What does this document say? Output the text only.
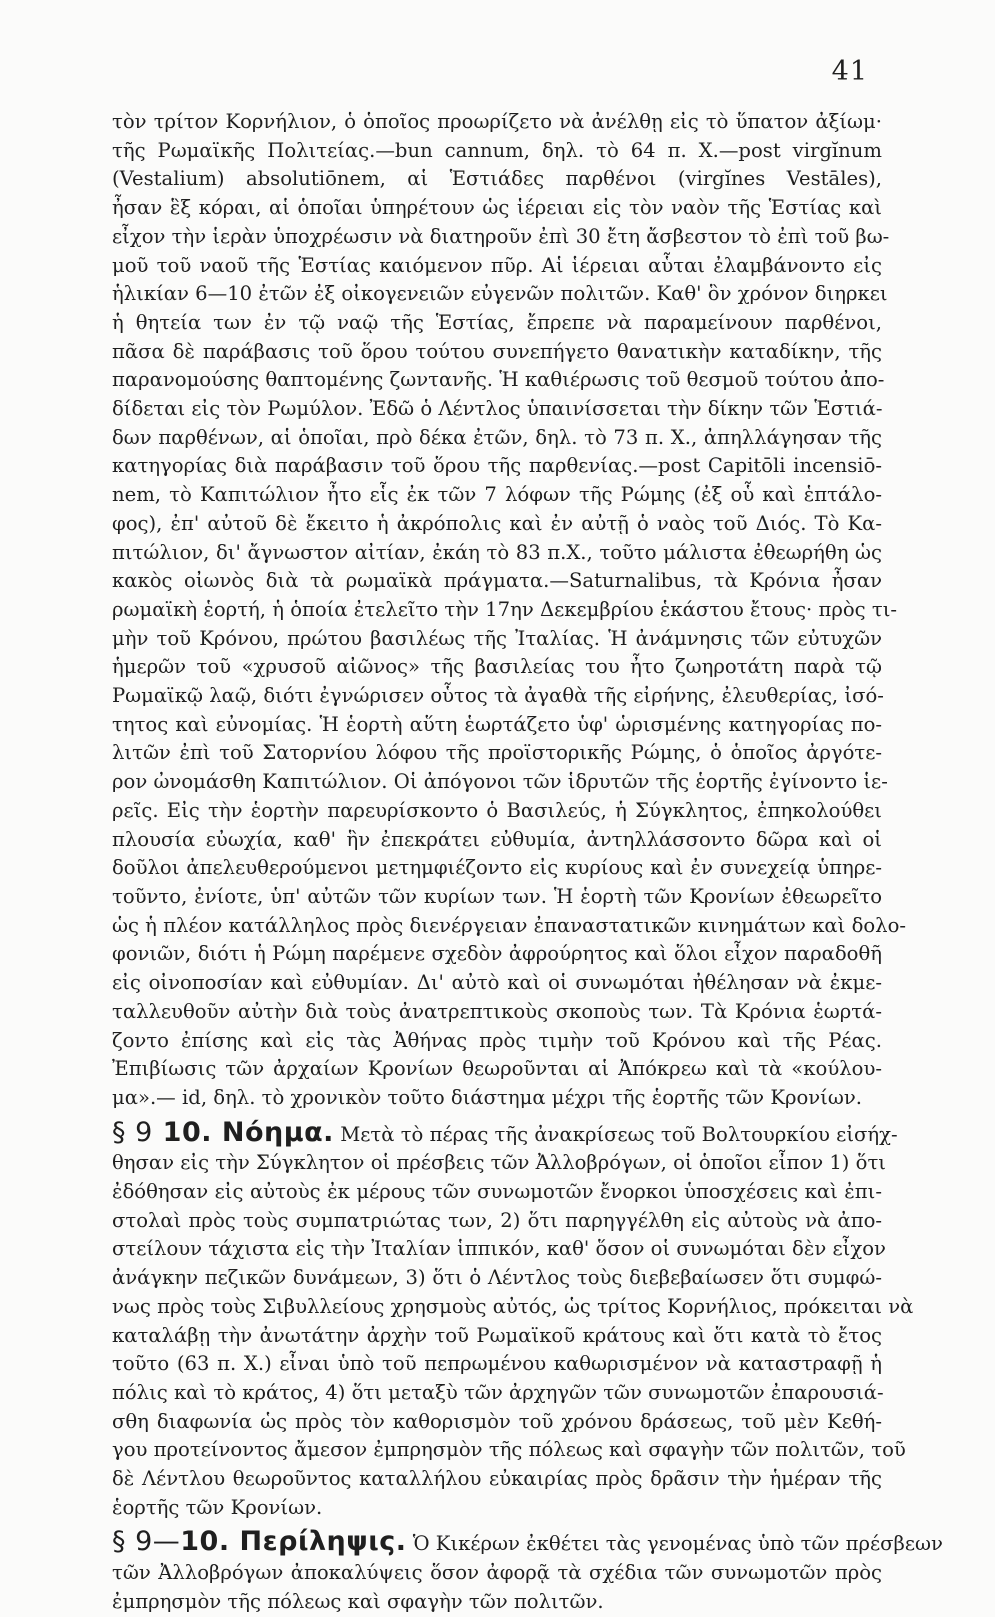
41
τὸν τρίτον Κορνήλιον, ὁ ὁποῖος προωρίζετο νὰ ἀνέλθῃ εἰς τὸ ὕπατον ἀξίωμ·
τῆς Ρωμαϊκῆς Πολιτείας.—bun cannum, δηλ. τὸ 64 π. Χ.—post virgĭnum
(Vestalium) absolutiōnem, αἱ Ἑστιάδες παρθένοι (virgĭnes Vestāles),
ἦσαν ἓξ κόραι, αἱ ὁποῖαι ὑπηρέτουν ὡς ἱέρειαι εἰς τὸν ναὸν τῆς Ἑστίας καὶ
εἶχον τὴν ἱερὰν ὑποχρέωσιν νὰ διατηροῦν ἐπὶ 30 ἔτη ἄσβεστον τὸ ἐπὶ τοῦ βω-
μοῦ τοῦ ναοῦ τῆς Ἑστίας καιόμενον πῦρ. Αἱ ἱέρειαι αὗται ἐλαμβάνοντο εἰς
ἡλικίαν 6—10 ἐτῶν ἐξ οἰκογενειῶν εὐγενῶν πολιτῶν. Καθ' ὃν χρόνον διηρκει
ἡ θητεία των ἐν τῷ ναῷ τῆς Ἑστίας, ἔπρεπε νὰ παραμείνουν παρθένοι,
πᾶσα δὲ παράβασις τοῦ ὅρου τούτου συνεπήγετο θανατικὴν καταδίκην, τῆς
παρανομούσης θαπτομένης ζωντανῆς. Ἡ καθιέρωσις τοῦ θεσμοῦ τούτου ἀπο-
δίδεται εἰς τὸν Ρωμύλον. Ἐδῶ ὁ Λέντλος ὑπαινίσσεται τὴν δίκην τῶν Ἑστιά-
δων παρθένων, αἱ ὁποῖαι, πρὸ δέκα ἐτῶν, δηλ. τὸ 73 π. Χ., ἀπηλλάγησαν τῆς
κατηγορίας διὰ παράβασιν τοῦ ὅρου τῆς παρθενίας.—post Capitōli incensiō-
nem, τὸ Καπιτώλιον ἦτο εἷς ἐκ τῶν 7 λόφων τῆς Ρώμης (ἐξ οὗ καὶ ἑπτάλο-
φος), ἐπ' αὐτοῦ δὲ ἔκειτο ἡ ἀκρόπολις καὶ ἐν αὐτῇ ὁ ναὸς τοῦ Διός. Τὸ Κα-
πιτώλιον, δι' ἄγνωστον αἰτίαν, ἐκάη τὸ 83 π.Χ., τοῦτο μάλιστα ἐθεωρήθη ὡς
κακὸς οἰωνὸς διὰ τὰ ρωμαϊκὰ πράγματα.—Saturnalibus, τὰ Κρόνια ἦσαν
ρωμαϊκὴ ἑορτή, ἡ ὁποία ἐτελεῖτο τὴν 17ην Δεκεμβρίου ἑκάστου ἔτους· πρὸς τι-
μὴν τοῦ Κρόνου, πρώτου βασιλέως τῆς Ἰταλίας. Ἡ ἀνάμνησις τῶν εὐτυχῶν
ἡμερῶν τοῦ «χρυσοῦ αἰῶνος» τῆς βασιλείας του ἦτο ζωηροτάτη παρὰ τῷ
Ρωμαϊκῷ λαῷ, διότι ἐγνώρισεν οὗτος τὰ ἀγαθὰ τῆς εἰρήνης, ἐλευθερίας, ἰσό-
τητος καὶ εὐνομίας. Ἡ ἑορτὴ αὕτη ἑωρτάζετο ὑφ' ὡρισμένης κατηγορίας πο-
λιτῶν ἐπὶ τοῦ Σατορνίου λόφου τῆς προϊστορικῆς Ρώμης, ὁ ὁποῖος ἀργότε-
ρον ὠνομάσθη Καπιτώλιον. Οἱ ἀπόγονοι τῶν ἱδρυτῶν τῆς ἑορτῆς ἐγίνοντο ἱε-
ρεῖς. Εἰς τὴν ἑορτὴν παρευρίσκοντο ὁ Βασιλεύς, ἡ Σύγκλητος, ἐπηκολούθει
πλουσία εὐωχία, καθ' ἣν ἐπεκράτει εὐθυμία, ἀντηλλάσσοντο δῶρα καὶ οἱ
δοῦλοι ἀπελευθερούμενοι μετημφιέζοντο εἰς κυρίους καὶ ἐν συνεχείᾳ ὑπηρε-
τοῦντο, ἐνίοτε, ὑπ' αὐτῶν τῶν κυρίων των. Ἡ ἑορτὴ τῶν Κρονίων ἐθεωρεῖτο
ὡς ἡ πλέον κατάλληλος πρὸς διενέργειαν ἐπαναστατικῶν κινημάτων καὶ δολο-
φονιῶν, διότι ἡ Ρώμη παρέμενε σχεδὸν ἀφρούρητος καὶ ὅλοι εἶχον παραδοθῆ
εἰς οἰνοποσίαν καὶ εὐθυμίαν. Δι' αὐτὸ καὶ οἱ συνωμόται ἠθέλησαν νὰ ἐκμε-
ταλλευθοῦν αὐτὴν διὰ τοὺς ἀνατρεπτικοὺς σκοποὺς των. Τὰ Κρόνια ἑωρτά-
ζοντο ἐπίσης καὶ εἰς τὰς Ἀθήνας πρὸς τιμὴν τοῦ Κρόνου καὶ τῆς Ρέας.
Ἐπιβίωσις τῶν ἀρχαίων Κρονίων θεωροῦνται αἱ Ἀπόκρεω καὶ τὰ «κούλου-
μα».— id, δηλ. τὸ χρονικὸν τοῦτο διάστημα μέχρι τῆς ἑορτῆς τῶν Κρονίων.
§ 9 10. Νόημα. Μετὰ τὸ πέρας τῆς ἀνακρίσεως τοῦ Βολτουρκίου εἰσήχ-
θησαν εἰς τὴν Σύγκλητον οἱ πρέσβεις τῶν Ἀλλοβρόγων, οἱ ὁποῖοι εἶπον 1) ὅτι
ἐδόθησαν εἰς αὐτοὺς ἐκ μέρους τῶν συνωμοτῶν ἔνορκοι ὑποσχέσεις καὶ ἐπι-
στολαὶ πρὸς τοὺς συμπατριώτας των, 2) ὅτι παρηγγέλθη εἰς αὐτοὺς νὰ ἀπο-
στείλουν τάχιστα εἰς τὴν Ἰταλίαν ἱππικόν, καθ' ὅσον οἱ συνωμόται δὲν εἶχον
ἀνάγκην πεζικῶν δυνάμεων, 3) ὅτι ὁ Λέντλος τοὺς διεβεβαίωσεν ὅτι συμφώ-
νως πρὸς τοὺς Σιβυλλείους χρησμοὺς αὐτός, ὡς τρίτος Κορνήλιος, πρόκειται νὰ
καταλάβῃ τὴν ἀνωτάτην ἀρχὴν τοῦ Ρωμαϊκοῦ κράτους καὶ ὅτι κατὰ τὸ ἔτος
τοῦτο (63 π. Χ.) εἶναι ὑπὸ τοῦ πεπρωμένου καθωρισμένον νὰ καταστραφῇ ἡ
πόλις καὶ τὸ κράτος, 4) ὅτι μεταξὺ τῶν ἀρχηγῶν τῶν συνωμοτῶν ἐπαρουσιά-
σθη διαφωνία ὡς πρὸς τὸν καθορισμὸν τοῦ χρόνου δράσεως, τοῦ μὲν Κεθή-
γου προτείνοντος ἄμεσον ἐμπρησμὸν τῆς πόλεως καὶ σφαγὴν τῶν πολιτῶν, τοῦ
δὲ Λέντλου θεωροῦντος καταλλήλου εὐκαιρίας πρὸς δρᾶσιν τὴν ἡμέραν τῆς
ἑορτῆς τῶν Κρονίων.
§ 9—10. Περίληψις. Ὁ Κικέρων ἐκθέτει τὰς γενομένας ὑπὸ τῶν πρέσβεων
τῶν Ἀλλοβρόγων ἀποκαλύψεις ὅσον ἀφορᾷ τὰ σχέδια τῶν συνωμοτῶν πρὸς
ἐμπρησμὸν τῆς πόλεως καὶ σφαγὴν τῶν πολιτῶν.
